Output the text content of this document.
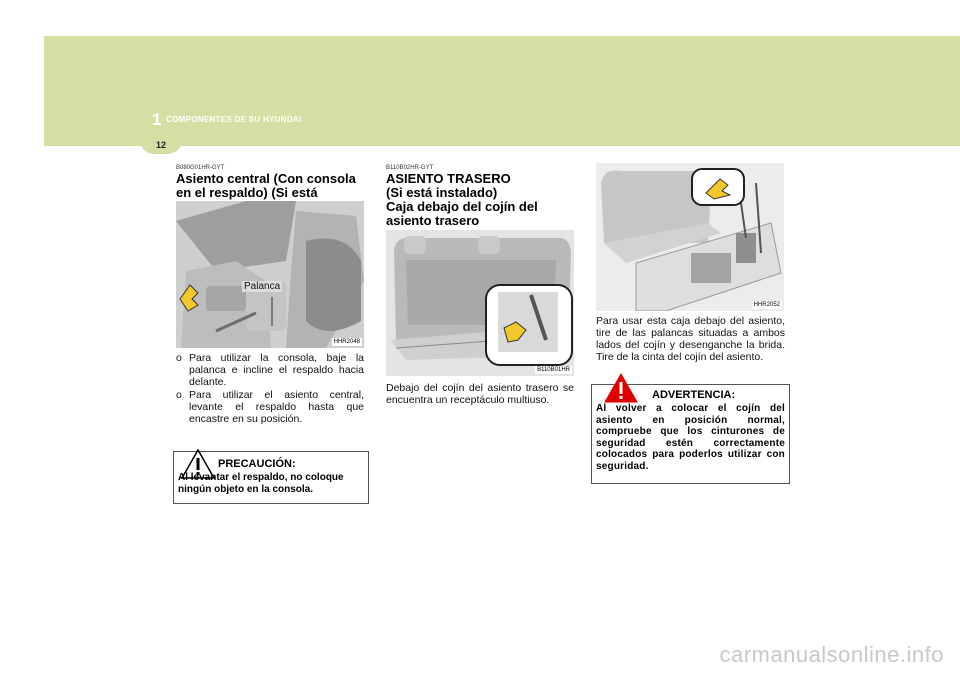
1 COMPONENTES DE SU HYUNDAI
12
B080G01HR-GYT
Asiento central (Con consola en el respaldo) (Si está
Palanca
HHR2048
o Para utilizar la consola, baje la palanca e incline el respaldo hacia delante.
o Para utilizar el asiento central, levante el respaldo hasta que encastre en su posición.
PRECAUCIÓN:
Al levantar el respaldo, no coloque ningún objeto en la consola.
B110B02HR-GYT
ASIENTO TRASERO
(Si está instalado)
Caja debajo del cojín del asiento trasero
B110B01HR
Debajo del cojín del asiento trasero se encuentra un receptáculo multiuso.
HHR2052
Para usar esta caja debajo del asiento, tire de las palancas situadas a ambos lados del cojín y desenganche la brida. Tire de la cinta del cojín del asiento.
ADVERTENCIA:
Al volver a colocar el cojín del asiento en posición normal, compruebe que los cinturones de seguridad estén correctamente colocados para poderlos utilizar con seguridad.
carmanualsonline.info
